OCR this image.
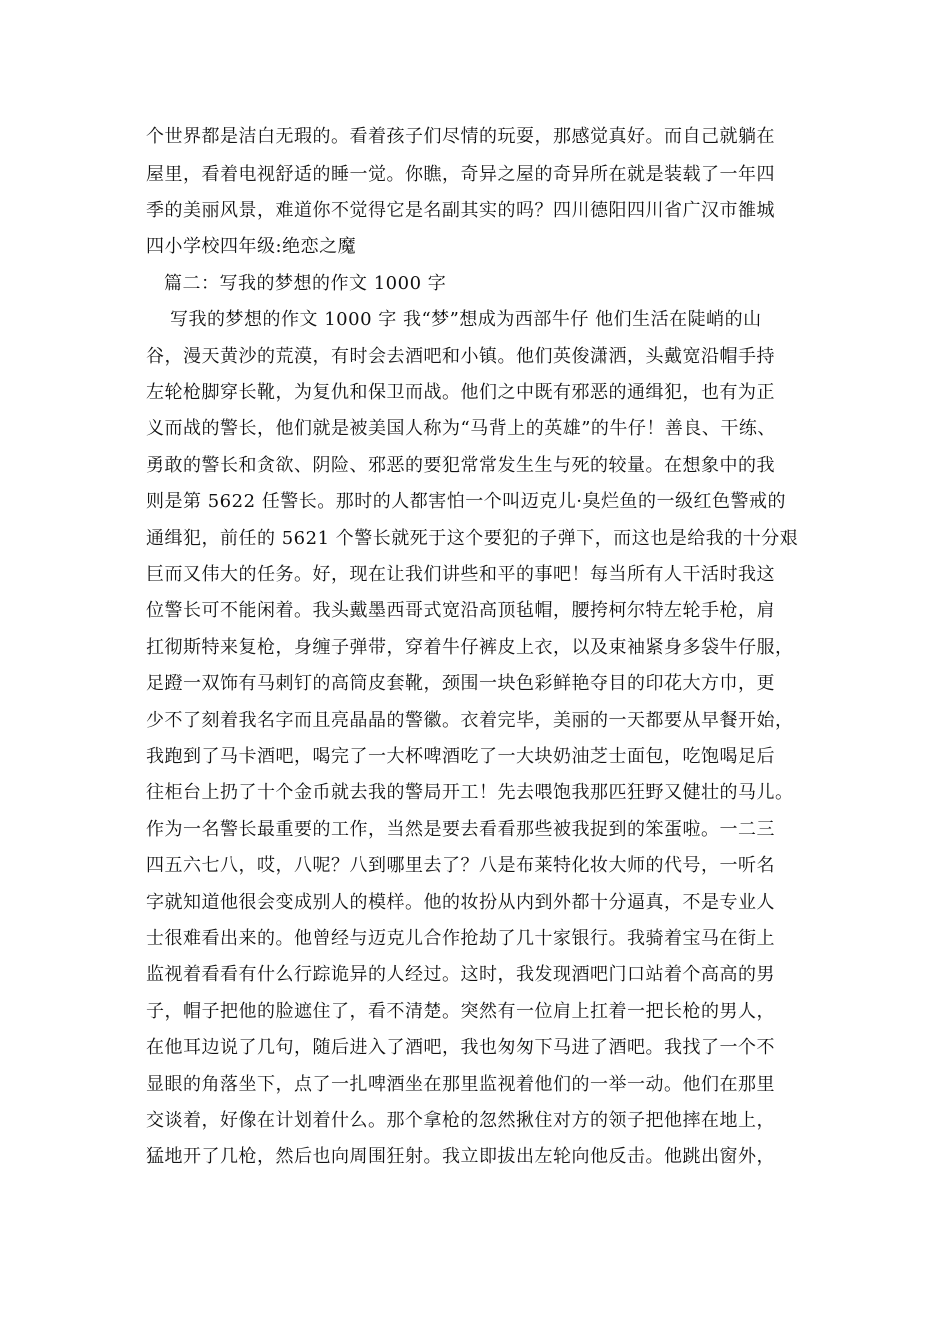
个世界都是洁白无瑕的。看着孩子们尽情的玩耍，那感觉真好。而自己就躺在
屋里，看着电视舒适的睡一觉。你瞧，奇异之屋的奇异所在就是装载了一年四
季的美丽风景，难道你不觉得它是名副其实的吗？四川德阳四川省广汉市雒城
四小学校四年级:绝恋之魔
篇二：写我的梦想的作文 1000 字
写我的梦想的作文 1000 字 我“梦”想成为西部牛仔 他们生活在陡峭的山
谷，漫天黄沙的荒漠，有时会去酒吧和小镇。他们英俊潇洒，头戴宽沿帽手持
左轮枪脚穿长靴，为复仇和保卫而战。他们之中既有邪恶的通缉犯，也有为正
义而战的警长，他们就是被美国人称为“马背上的英雄”的牛仔！善良、干练、
勇敢的警长和贪欲、阴险、邪恶的要犯常常发生生与死的较量。在想象中的我
则是第 5622 任警长。那时的人都害怕一个叫迈克儿·臭烂鱼的一级红色警戒的
通缉犯，前任的 5621 个警长就死于这个要犯的子弹下，而这也是给我的十分艰
巨而又伟大的任务。好，现在让我们讲些和平的事吧！每当所有人干活时我这
位警长可不能闲着。我头戴墨西哥式宽沿高顶毡帽，腰挎柯尔特左轮手枪，肩
扛彻斯特来复枪，身缠子弹带，穿着牛仔裤皮上衣，以及束袖紧身多袋牛仔服，
足蹬一双饰有马刺钉的高筒皮套靴，颈围一块色彩鲜艳夺目的印花大方巾，更
少不了刻着我名字而且亮晶晶的警徽。衣着完毕，美丽的一天都要从早餐开始，
我跑到了马卡酒吧，喝完了一大杯啤酒吃了一大块奶油芝士面包，吃饱喝足后
往柜台上扔了十个金币就去我的警局开工！先去喂饱我那匹狂野又健壮的马儿。
作为一名警长最重要的工作，当然是要去看看那些被我捉到的笨蛋啦。一二三
四五六七八，哎，八呢？八到哪里去了？八是布莱特化妆大师的代号，一听名
字就知道他很会变成别人的模样。他的妆扮从内到外都十分逼真，不是专业人
士很难看出来的。他曾经与迈克儿合作抢劫了几十家银行。我骑着宝马在街上
监视着看看有什么行踪诡异的人经过。这时，我发现酒吧门口站着个高高的男
子，帽子把他的脸遮住了，看不清楚。突然有一位肩上扛着一把长枪的男人，
在他耳边说了几句，随后进入了酒吧，我也匆匆下马进了酒吧。我找了一个不
显眼的角落坐下，点了一扎啤酒坐在那里监视着他们的一举一动。他们在那里
交谈着，好像在计划着什么。那个拿枪的忽然揪住对方的领子把他摔在地上，
猛地开了几枪，然后也向周围狂射。我立即拔出左轮向他反击。他跳出窗外，
